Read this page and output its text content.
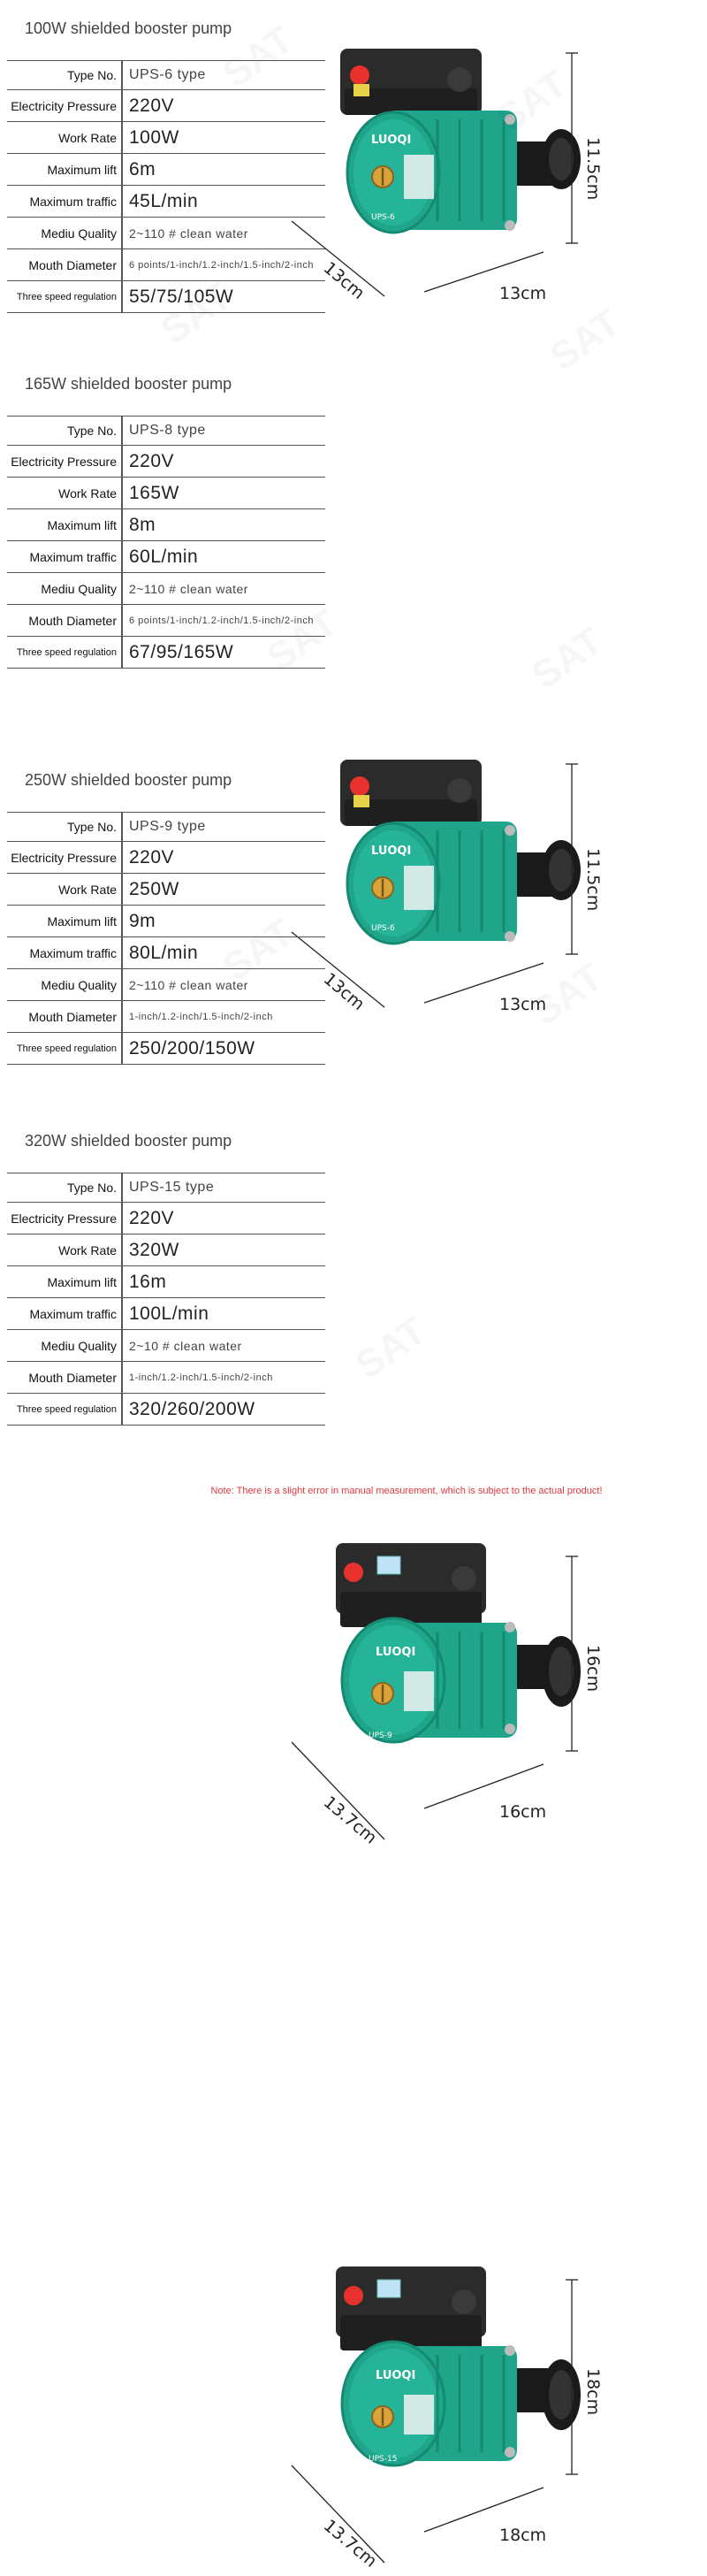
100W shielded booster pump
Type No. UPS-6 type
Electricity Pressure 220V
Work Rate 100W
Maximum lift 6m
Maximum traffic 45L/min
Mediu Quality 2~110 # clean water
Mouth Diameter	6 points/1-inch/1.2-inch/1.5-inch/2-inch
Three speed regulation 55/75/105W
LUOQI
UPS-6
11.5cm
13cm	13cm
165W shielded booster pump
Type No. UPS-8 type
Electricity Pressure 220V
Work Rate 165W
Maximum lift 8m
Maximum traffic 60L/min
Mediu Quality 2~110 # clean water
Mouth Diameter	6 points/1-inch/1.2-inch/1.5-inch/2-inch
Three speed regulation 67/95/165W
LUOQI
UPS-6
11.5cm
13cm	13cm
250W shielded booster pump
Type No. UPS-9 type
Electricity Pressure 220V
Work Rate 250W
Maximum lift 9m
Maximum traffic 80L/min
Mediu Quality 2~110 # clean water
Mouth Diameter	1-inch/1.2-inch/1.5-inch/2-inch
Three speed regulation 250/200/150W
LUOQI
UPS-9
16cm
13.7cm	16cm
320W shielded booster pump
Type No. UPS-15 type
Electricity Pressure 220V
Work Rate 320W
Maximum lift 16m
Maximum traffic 100L/min
Mediu Quality 2~10 # clean water
Mouth Diameter	1-inch/1.2-inch/1.5-inch/2-inch
Three speed regulation 320/260/200W
LUOQI
UPS-15
18cm
13.7cm	18cm
Note: There is a slight error in manual measurement, which is subject to the actual product!
